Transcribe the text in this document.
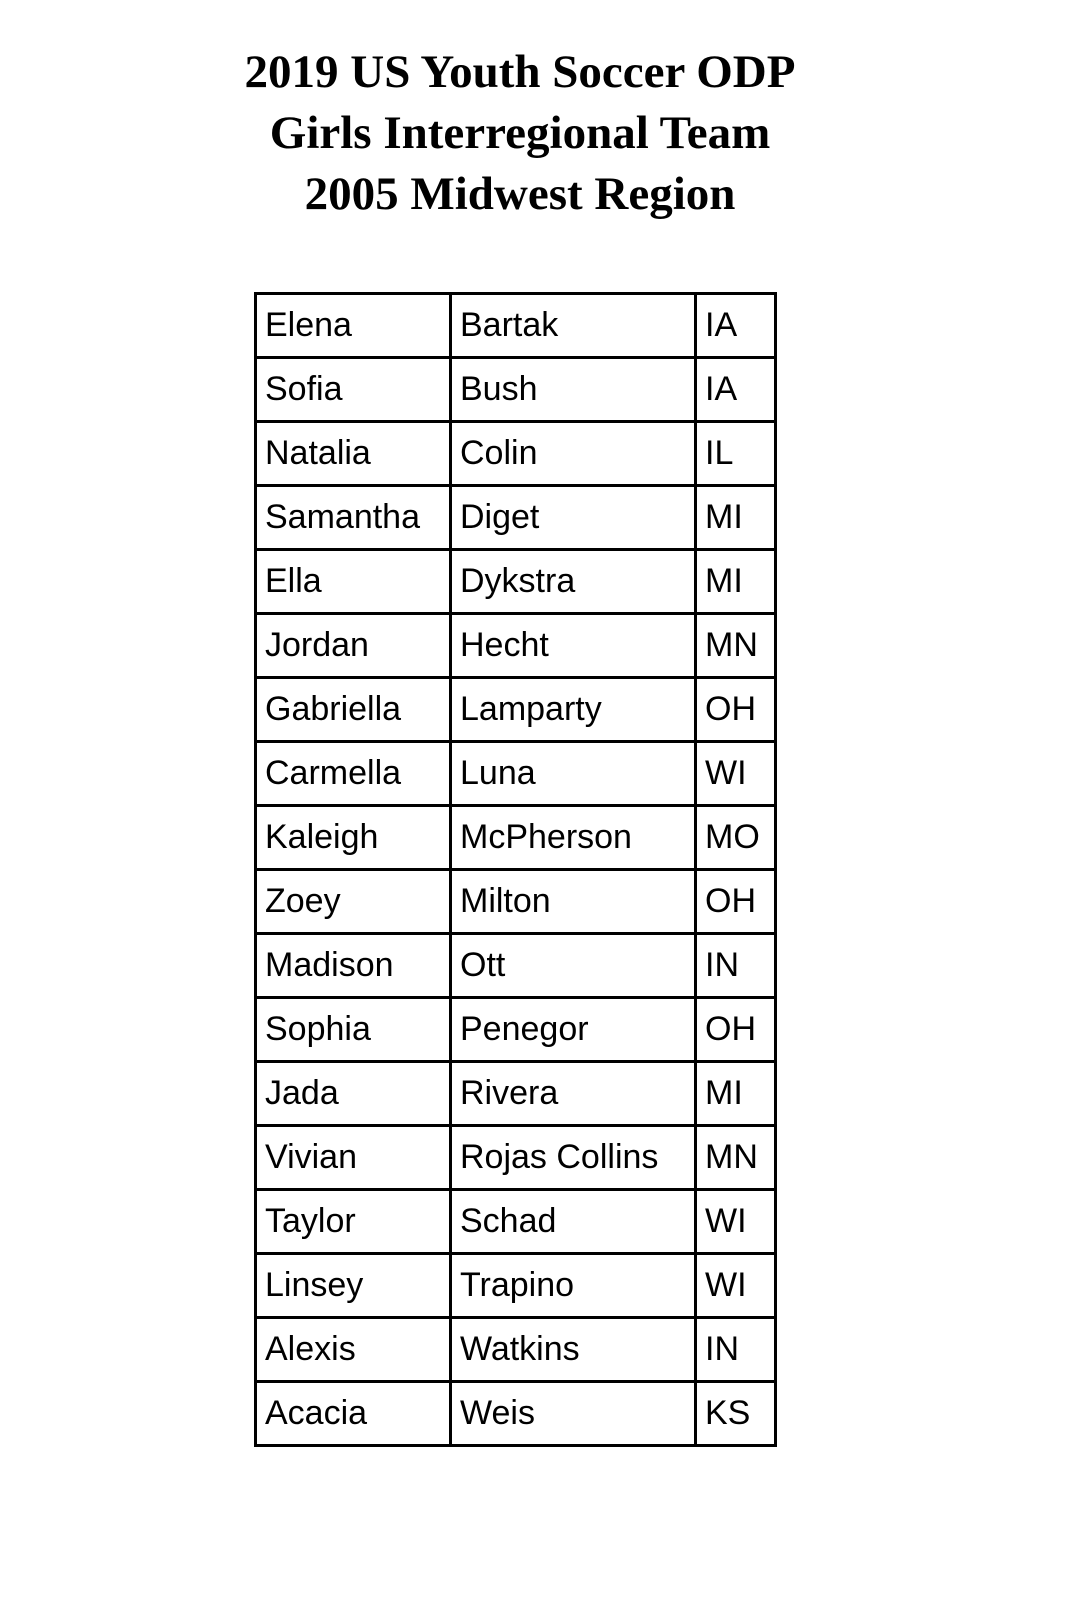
2019 US Youth Soccer ODP
Girls Interregional Team
2005 Midwest Region
Elena	Bartak	IA
Sofia	Bush	IA
Natalia	Colin	IL
Samantha	Diget	MI
Ella	Dykstra	MI
Jordan	Hecht	MN
Gabriella	Lamparty	OH
Carmella	Luna	WI
Kaleigh	McPherson	MO
Zoey	Milton	OH
Madison	Ott	IN
Sophia	Penegor	OH
Jada	Rivera	MI
Vivian	Rojas Collins	MN
Taylor	Schad	WI
Linsey	Trapino	WI
Alexis	Watkins	IN
Acacia	Weis	KS
